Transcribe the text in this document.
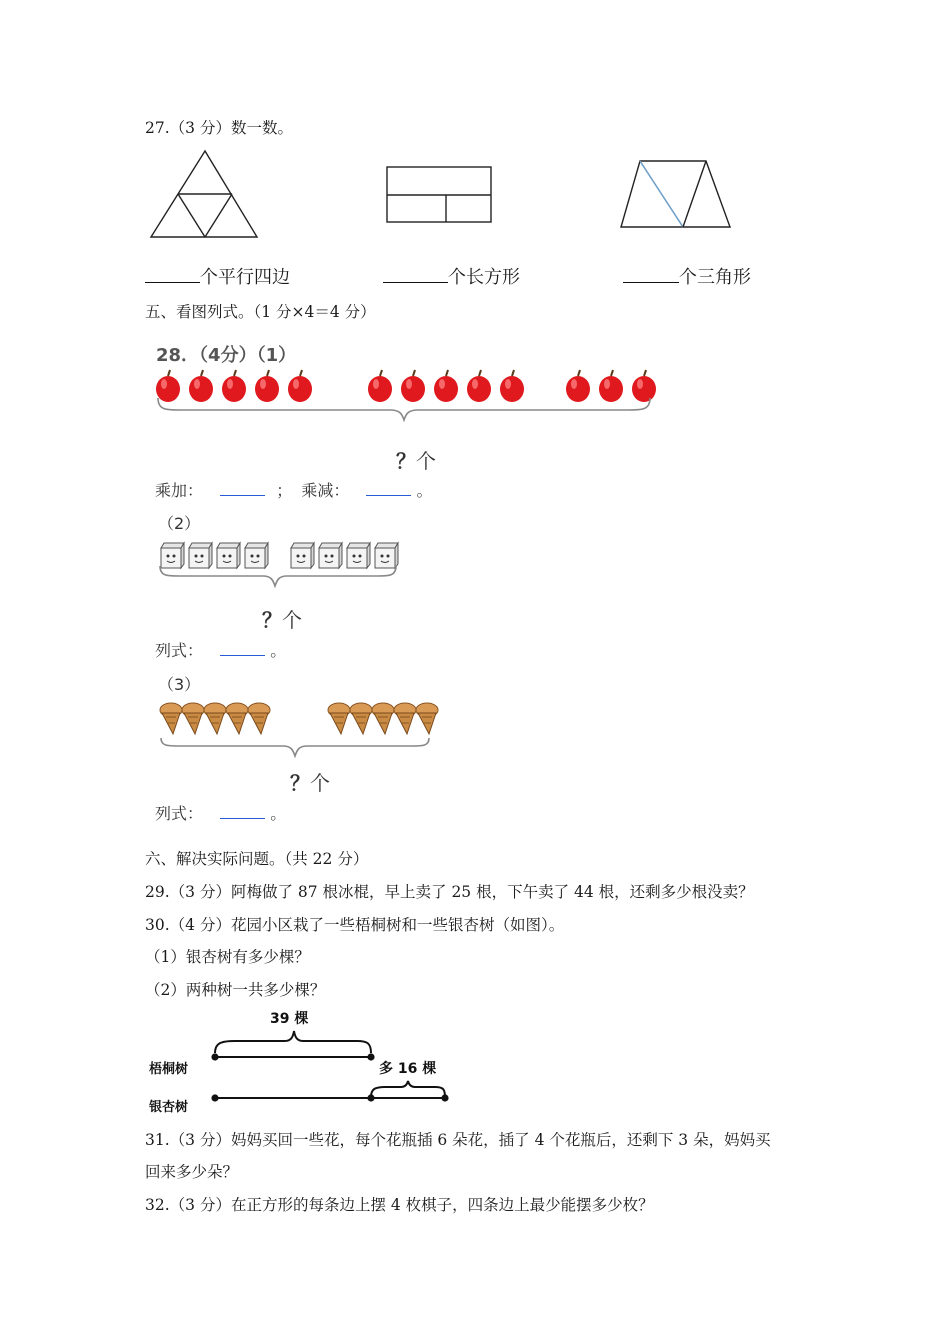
27.（3 分）数一数。
个平行四边	个长方形	个三角形
五、看图列式。（1 分×4＝4 分）
28．（4分）（1）
？个
乘加：	； 乘减：	。
（2）
？个
列式：	。
（3）
？个
列式：	。
六、解决实际问题。（共 22 分）
29.（3 分）阿梅做了 87 根冰棍，早上卖了 25 根，下午卖了 44 根，还剩多少根没卖？
30.（4 分）花园小区栽了一些梧桐树和一些银杏树（如图）。
（1）银杏树有多少棵？
（2）两种树一共多少棵？
39 棵
梧桐树	多 16 棵
银杏树
31.（3 分）妈妈买回一些花，每个花瓶插 6 朵花，插了 4 个花瓶后，还剩下 3 朵，妈妈买
回来多少朵？
32.（3 分）在正方形的每条边上摆 4 枚棋子，四条边上最少能摆多少枚？
